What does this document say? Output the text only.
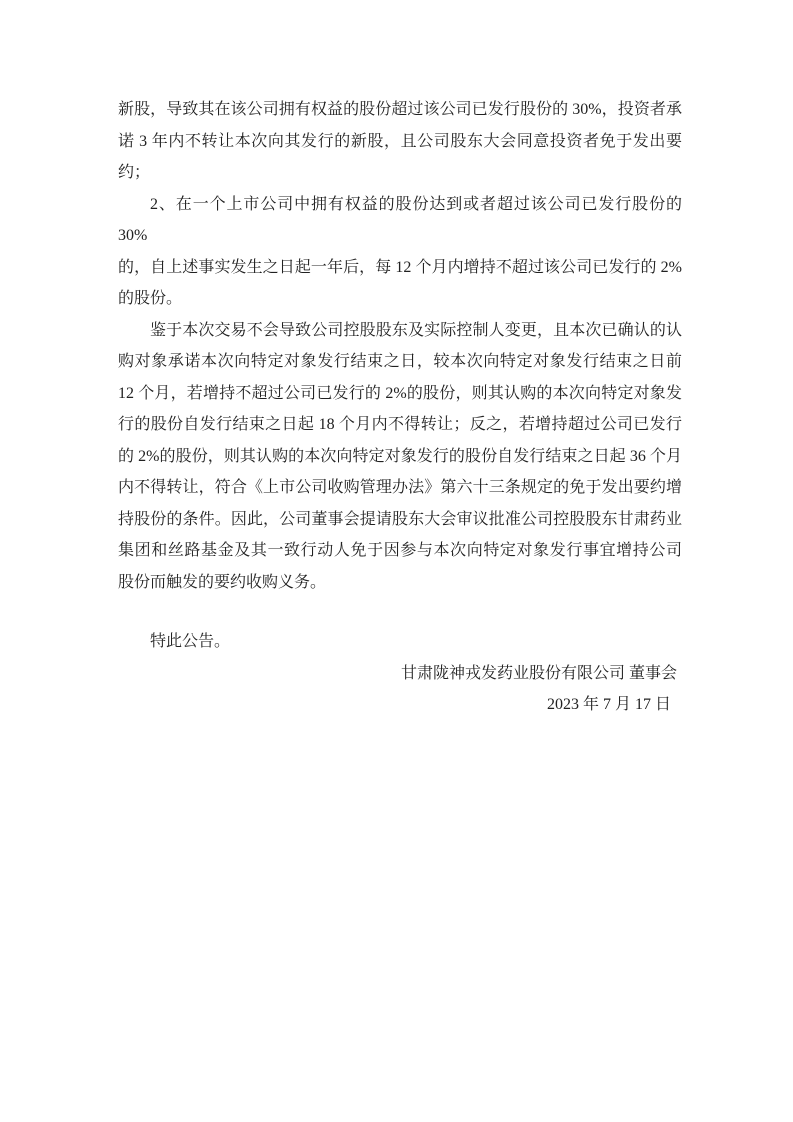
新股，导致其在该公司拥有权益的股份超过该公司已发行股份的 30%，投资者承
诺 3 年内不转让本次向其发行的新股，且公司股东大会同意投资者免于发出要
约；
2、在一个上市公司中拥有权益的股份达到或者超过该公司已发行股份的 30%
的，自上述事实发生之日起一年后，每 12 个月内增持不超过该公司已发行的 2%
的股份。
鉴于本次交易不会导致公司控股股东及实际控制人变更，且本次已确认的认
购对象承诺本次向特定对象发行结束之日，较本次向特定对象发行结束之日前
12 个月，若增持不超过公司已发行的 2%的股份，则其认购的本次向特定对象发
行的股份自发行结束之日起 18 个月内不得转让；反之，若增持超过公司已发行
的 2%的股份，则其认购的本次向特定对象发行的股份自发行结束之日起 36 个月
内不得转让，符合《上市公司收购管理办法》第六十三条规定的免于发出要约增
持股份的条件。因此，公司董事会提请股东大会审议批准公司控股股东甘肃药业
集团和丝路基金及其一致行动人免于因参与本次向特定对象发行事宜增持公司
股份而触发的要约收购义务。
特此公告。
甘肃陇神戎发药业股份有限公司 董事会
2023 年 7 月 17 日
